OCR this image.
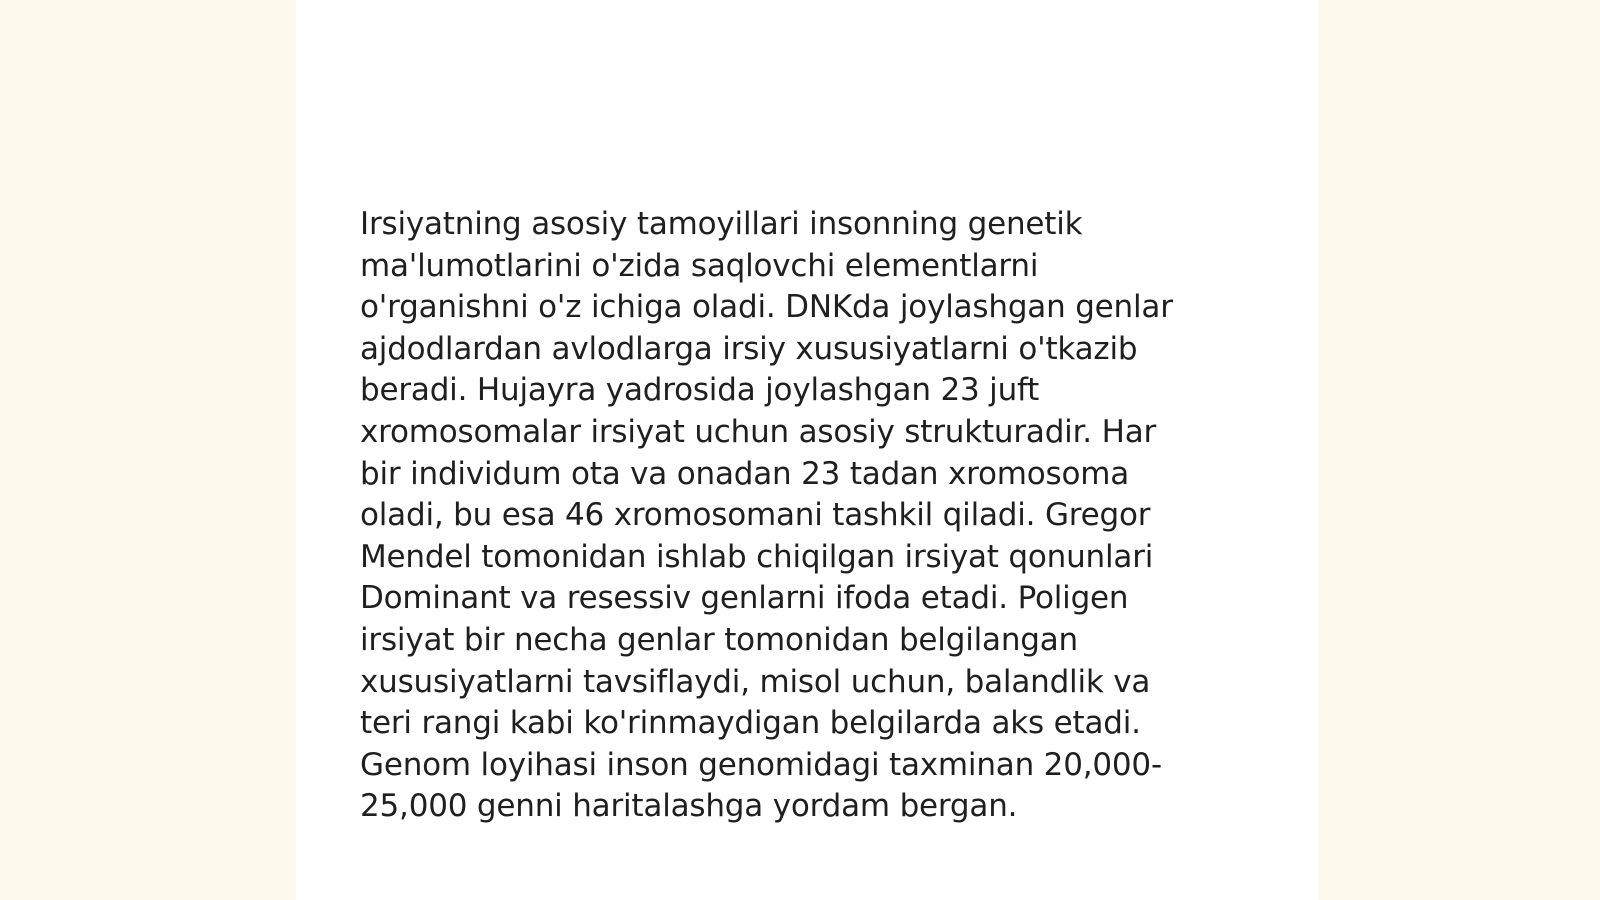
Irsiyatning asosiy tamoyillari insonning genetik
ma'lumotlarini o'zida saqlovchi elementlarni
o'rganishni o'z ichiga oladi. DNKda joylashgan genlar
ajdodlardan avlodlarga irsiy xususiyatlarni o'tkazib
beradi. Hujayra yadrosida joylashgan 23 juft
xromosomalar irsiyat uchun asosiy strukturadir. Har
bir individum ota va onadan 23 tadan xromosoma
oladi, bu esa 46 xromosomani tashkil qiladi. Gregor
Mendel tomonidan ishlab chiqilgan irsiyat qonunlari
Dominant va resessiv genlarni ifoda etadi. Poligen
irsiyat bir necha genlar tomonidan belgilangan
xususiyatlarni tavsiflaydi, misol uchun, balandlik va
teri rangi kabi ko'rinmaydigan belgilarda aks etadi.
Genom loyihasi inson genomidagi taxminan 20,000-
25,000 genni haritalashga yordam bergan.
